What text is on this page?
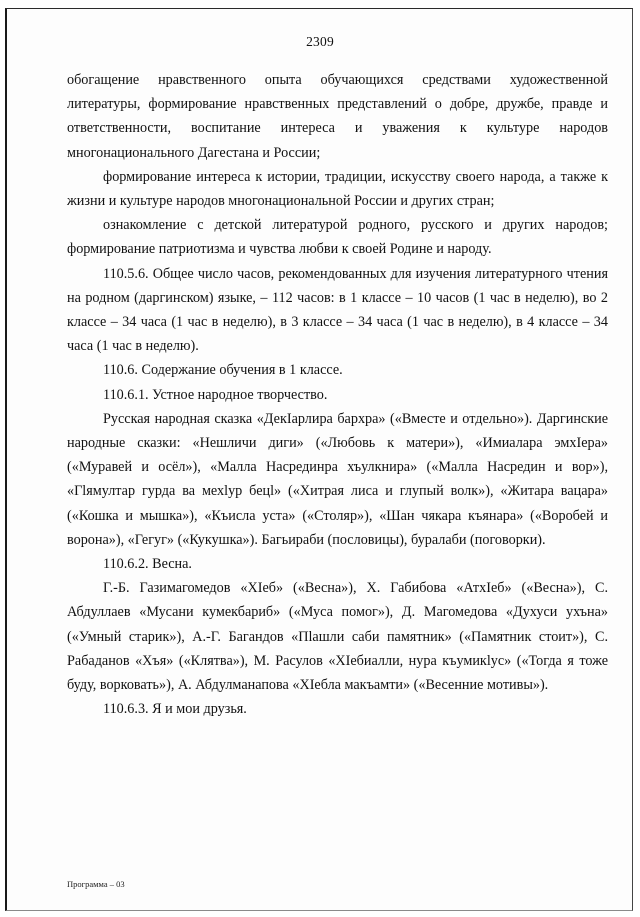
2309

обогащение нравственного опыта обучающихся средствами художественной литературы, формирование нравственных представлений о добре, дружбе, правде и ответственности, воспитание интереса и уважения к культуре народов многонационального Дагестана и России;

формирование интереса к истории, традиции, искусству своего народа, а также к жизни и культуре народов многонациональной России и других стран;

ознакомление с детской литературой родного, русского и других народов; формирование патриотизма и чувства любви к своей Родине и народу.

110.5.6. Общее число часов, рекомендованных для изучения литературного чтения на родном (даргинском) языке, – 112 часов: в 1 классе – 10 часов (1 час в неделю), во 2 классе – 34 часа (1 час в неделю), в 3 классе – 34 часа (1 час в неделю), в 4 классе – 34 часа (1 час в неделю).

110.6. Содержание обучения в 1 классе.

110.6.1. Устное народное творчество.

Русская народная сказка «ДекІарлира бархра» («Вместе и отдельно»). Даргинские народные сказки: «Нешличи диги» («Любовь к матери»), «Имиалара эмхІера» («Муравей и осёл»), «Малла Насрединра хъулкнира» («Малла Насредин и вор»), «Гlямултар гурда ва мехlур бецl» («Хитрая лиса и глупый волк»), «Житара вацара» («Кошка и мышка»), «Къисла уста» («Столяр»), «Шан чякара къянара» («Воробей и ворона»), «Гегуг» («Кукушка»). Багьираби (пословицы), буралаби (поговорки).

110.6.2. Весна.

Г.-Б. Газимагомедов «ХІеб» («Весна»), Х. Габибова «АтхІеб» («Весна»), С. Абдуллаев «Мусани кумекбариб» («Муса помог»), Д. Магомедова «Духуси ухъна» («Умный старик»), А.-Г. Багандов «Пlашли саби памятник» («Памятник стоит»), С. Рабаданов «Хъя» («Клятва»), М. Расулов «ХІебиалли, нура къумикlус» («Тогда я тоже буду, ворковать»), А. Абдулманапова «ХІебла макъамти» («Весенние мотивы»).

110.6.3. Я и мои друзья.

Программа – 03
